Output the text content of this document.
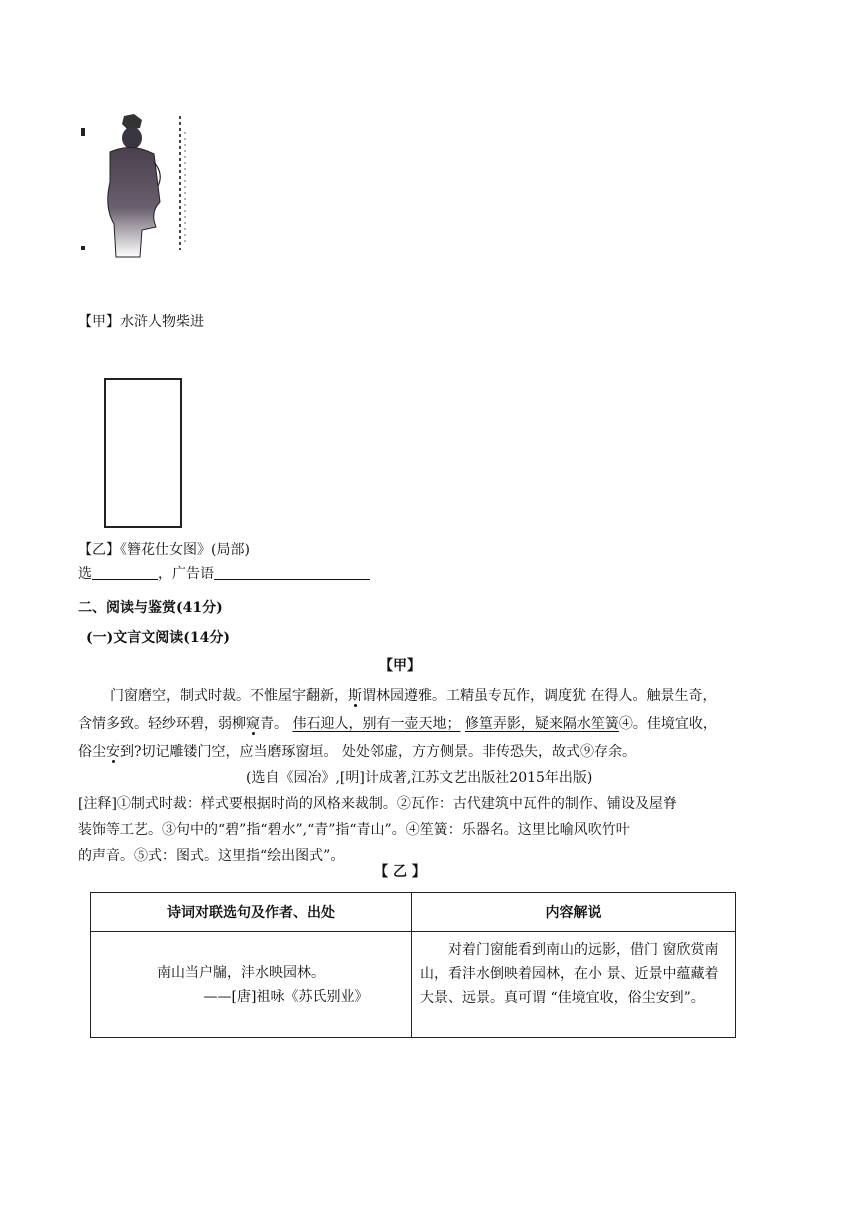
【甲】水浒人物柴进
【乙】《簪花仕女图》(局部)
选	，广告语
二、阅读与鉴赏(41分)
(一)文言文阅读(14分)
【甲】
门窗磨空，制式时裁。不惟屋宇翻新，斯谓林园遵雅。工精虽专瓦作，调度犹 在得人。触景生奇，
含情多致。轻纱环碧，弱柳窥青。 伟石迎人，别有一壶天地； 修篁弄影，疑来隔水笙簧④。佳境宜收，
俗尘安到?切记雕镂门空，应当磨琢窗垣。 处处邻虚，方方侧景。非传恐失，故式⑨存余。
(选自《园冶》,[明]计成著,江苏文艺出版社2015年出版)
[注释]①制式时裁：样式要根据时尚的风格来裁制。②瓦作：古代建筑中瓦件的制作、铺设及屋脊
装饰等工艺。③句中的“碧”指“碧水”,“青”指“青山”。④笙簧：乐器名。这里比喻风吹竹叶
的声音。⑤式：图式。这里指“绘出图式”。
【 乙 】
诗词对联选句及作者、出处	内容解说

南山当户牖，沣水映园林。
——[唐]祖咏《苏氏别业》	对着门窗能看到南山的远影，借门 窗欣赏南山，看沣水倒映着园林，在小 景、近景中蕴藏着大景、远景。真可谓 “佳境宜收，俗尘安到”。
